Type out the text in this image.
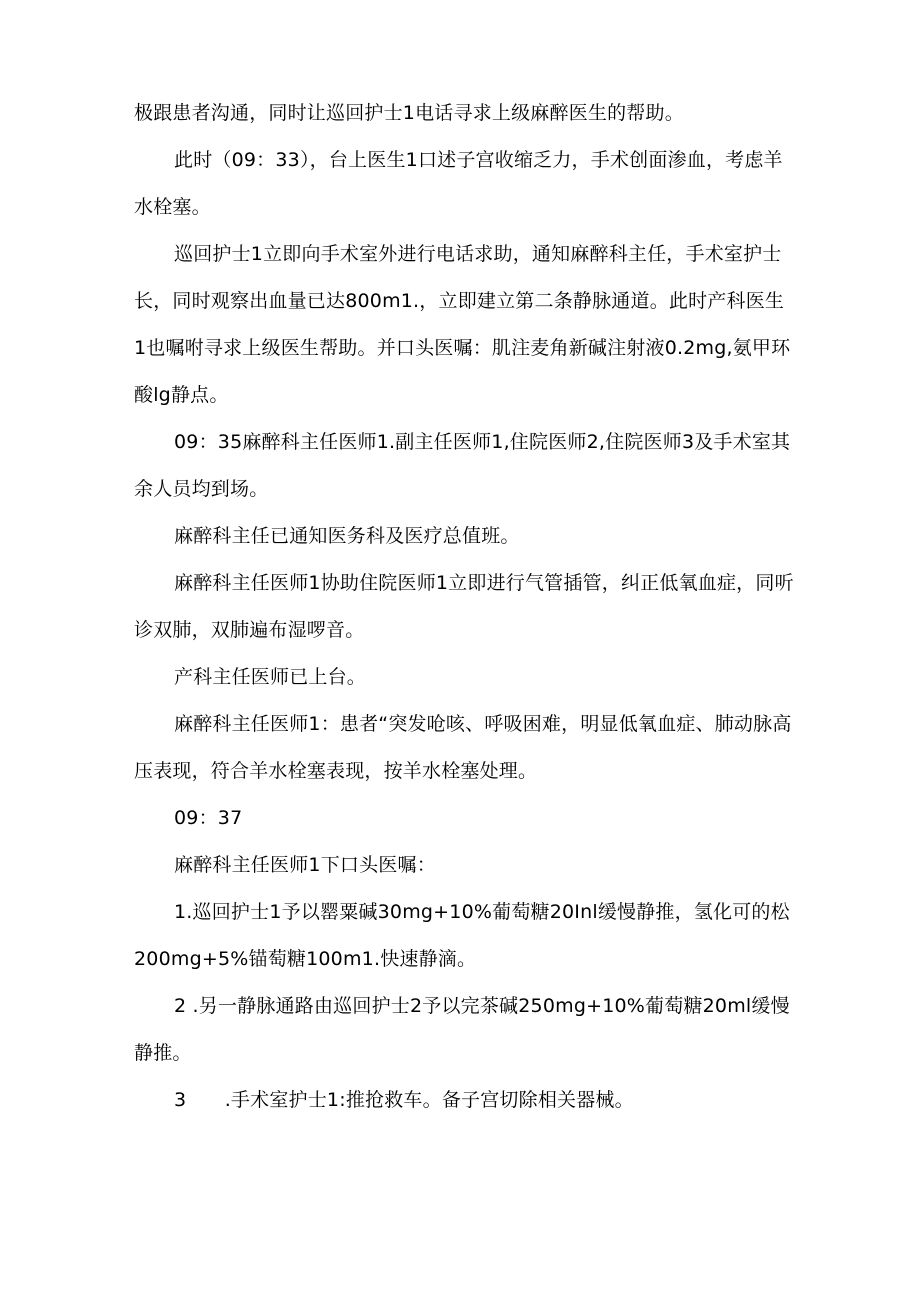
极跟患者沟通，同时让巡回护士1电话寻求上级麻醉医生的帮助。

此时（09：33），台上医生1口述子宫收缩乏力，手术创面渗血，考虑羊水栓塞。

巡回护士1立即向手术室外进行电话求助，通知麻醉科主任，手术室护士长，同时观察出血量已达800m1.，立即建立第二条静脉通道。此时产科医生1也嘱咐寻求上级医生帮助。并口头医嘱：肌注麦角新碱注射液0.2mg,氨甲环酸lg静点。

09：35麻醉科主任医师1.副主任医师1,住院医师2,住院医师3及手术室其余人员均到场。

麻醉科主任已通知医务科及医疗总值班。

麻醉科主任医师1协助住院医师1立即进行气管插管，纠正低氧血症，同听诊双肺，双肺遍布湿啰音。

产科主任医师已上台。

麻醉科主任医师1：患者“突发呛咳、呼吸困难，明显低氧血症、肺动脉高压表现，符合羊水栓塞表现，按羊水栓塞处理。

09：37

麻醉科主任医师1下口头医嘱：

1.巡回护士1予以罂粟碱30mg+10%葡萄糖20Inl缓慢静推，氢化可的松200mg+5%锚萄糖100m1.快速静滴。

2 .另一静脉通路由巡回护士2予以完茶碱250mg+10%葡萄糖20ml缓慢静推。

3　　.手术室护士1:推抢救车。备子宫切除相关器械。
